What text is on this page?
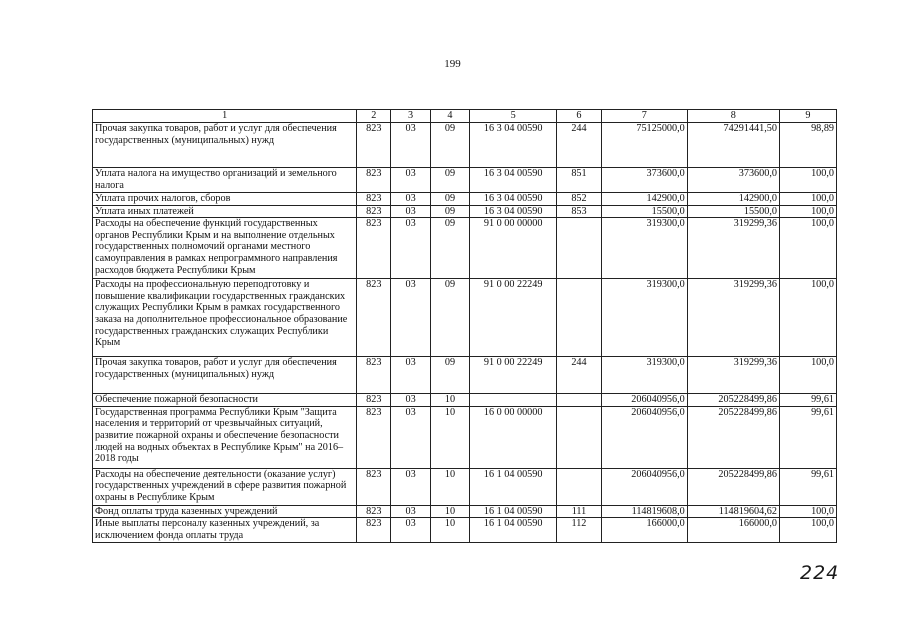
199
1	2	3	4	5	6	7	8	9
Прочая закупка товаров, работ и услуг для обеспечения государственных (муниципальных) нужд	823	03	09	16 3 04 00590	244	75125000,0	74291441,50	98,89
Уплата налога на имущество организаций и земельного налога	823	03	09	16 3 04 00590	851	373600,0	373600,0	100,0
Уплата прочих налогов, сборов	823	03	09	16 3 04 00590	852	142900,0	142900,0	100,0
Уплата иных платежей	823	03	09	16 3 04 00590	853	15500,0	15500,0	100,0
Расходы на обеспечение функций государственных органов Республики Крым и на выполнение отдельных государственных полномочий органами местного самоуправления в рамках непрограммного направления расходов бюджета Республики Крым	823	03	09	91 0 00 00000		319300,0	319299,36	100,0
Расходы на профессиональную переподготовку и повышение квалификации государственных гражданских служащих Республики Крым в рамках государственного заказа на дополнительное профессиональное образование государственных гражданских служащих Республики Крым	823	03	09	91 0 00 22249		319300,0	319299,36	100,0
Прочая закупка товаров, работ и услуг для обеспечения государственных (муниципальных) нужд	823	03	09	91 0 00 22249	244	319300,0	319299,36	100,0
Обеспечение пожарной безопасности	823	03	10			206040956,0	205228499,86	99,61
Государственная программа Республики Крым "Защита населения и территорий от чрезвычайных ситуаций, развитие пожарной охраны и обеспечение безопасности людей на водных объектах в Республике Крым" на 2016–2018 годы	823	03	10	16 0 00 00000		206040956,0	205228499,86	99,61
Расходы на обеспечение деятельности (оказание услуг) государственных учреждений в сфере развития пожарной охраны в Республике Крым	823	03	10	16 1 04 00590		206040956,0	205228499,86	99,61
Фонд оплаты труда казенных учреждений	823	03	10	16 1 04 00590	111	114819608,0	114819604,62	100,0
Иные выплаты персоналу казенных учреждений, за исключением фонда оплаты труда	823	03	10	16 1 04 00590	112	166000,0	166000,0	100,0
224
